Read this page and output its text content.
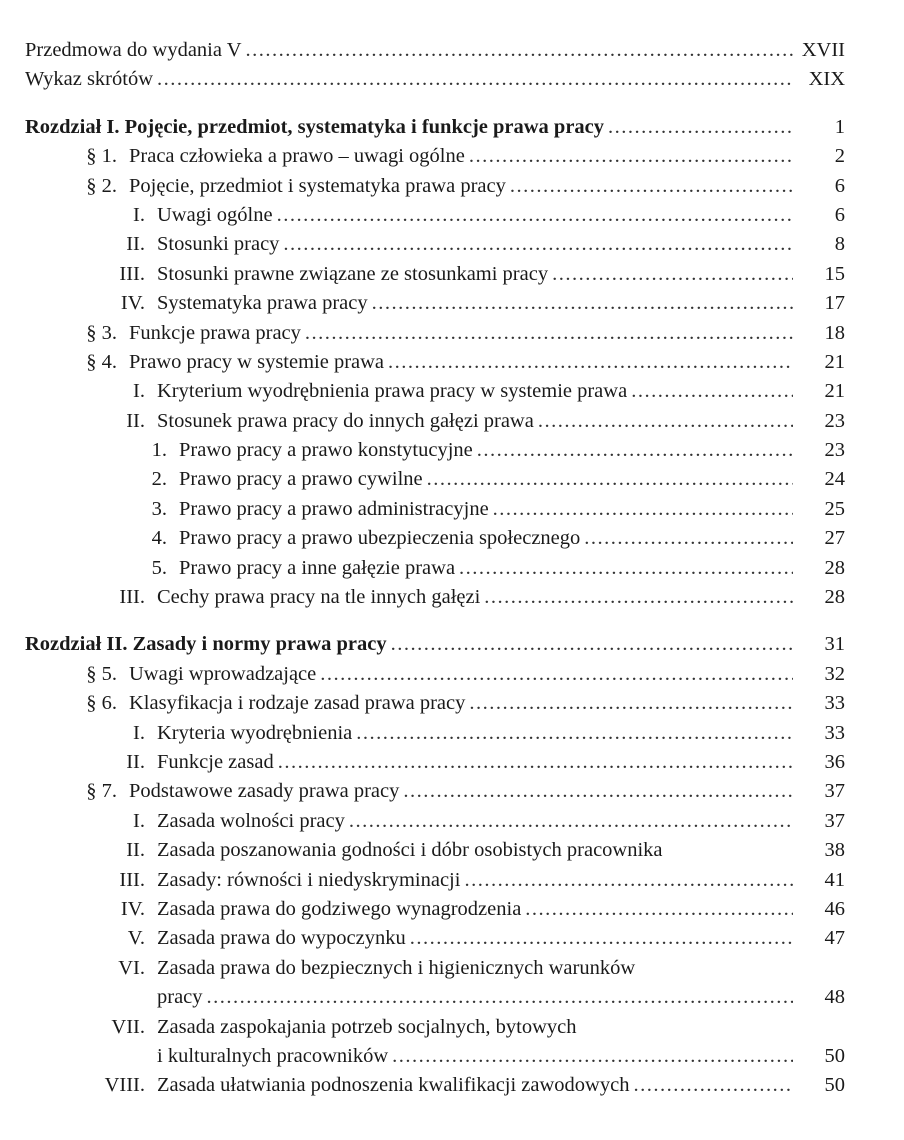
Przedmowa do wydania V .....	XVII
Wykaz skrótów .....	XIX
Rozdział I. Pojęcie, przedmiot, systematyka i funkcje prawa pracy .....	1
§ 1. Praca człowieka a prawo – uwagi ogólne .....	2
§ 2. Pojęcie, przedmiot i systematyka prawa pracy .....	6
I. Uwagi ogólne .....	6
II. Stosunki pracy .....	8
III. Stosunki prawne związane ze stosunkami pracy .....	15
IV. Systematyka prawa pracy .....	17
§ 3. Funkcje prawa pracy .....	18
§ 4. Prawo pracy w systemie prawa .....	21
I. Kryterium wyodrębnienia prawa pracy w systemie prawa .....	21
II. Stosunek prawa pracy do innych gałęzi prawa .....	23
1. Prawo pracy a prawo konstytucyjne .....	23
2. Prawo pracy a prawo cywilne .....	24
3. Prawo pracy a prawo administracyjne .....	25
4. Prawo pracy a prawo ubezpieczenia społecznego .....	27
5. Prawo pracy a inne gałęzie prawa .....	28
III. Cechy prawa pracy na tle innych gałęzi .....	28
Rozdział II. Zasady i normy prawa pracy .....	31
§ 5. Uwagi wprowadzające .....	32
§ 6. Klasyfikacja i rodzaje zasad prawa pracy .....	33
I. Kryteria wyodrębnienia .....	33
II. Funkcje zasad .....	36
§ 7. Podstawowe zasady prawa pracy .....	37
I. Zasada wolności pracy .....	37
II. Zasada poszanowania godności i dóbr osobistych pracownika	38
III. Zasady: równości i niedyskryminacji .....	41
IV. Zasada prawa do godziwego wynagrodzenia .....	46
V. Zasada prawa do wypoczynku .....	47
VI. Zasada prawa do bezpiecznych i higienicznych warunków
pracy .....	48
VII. Zasada zaspokajania potrzeb socjalnych, bytowych
i kulturalnych pracowników .....	50
VIII. Zasada ułatwiania podnoszenia kwalifikacji zawodowych .....	50
